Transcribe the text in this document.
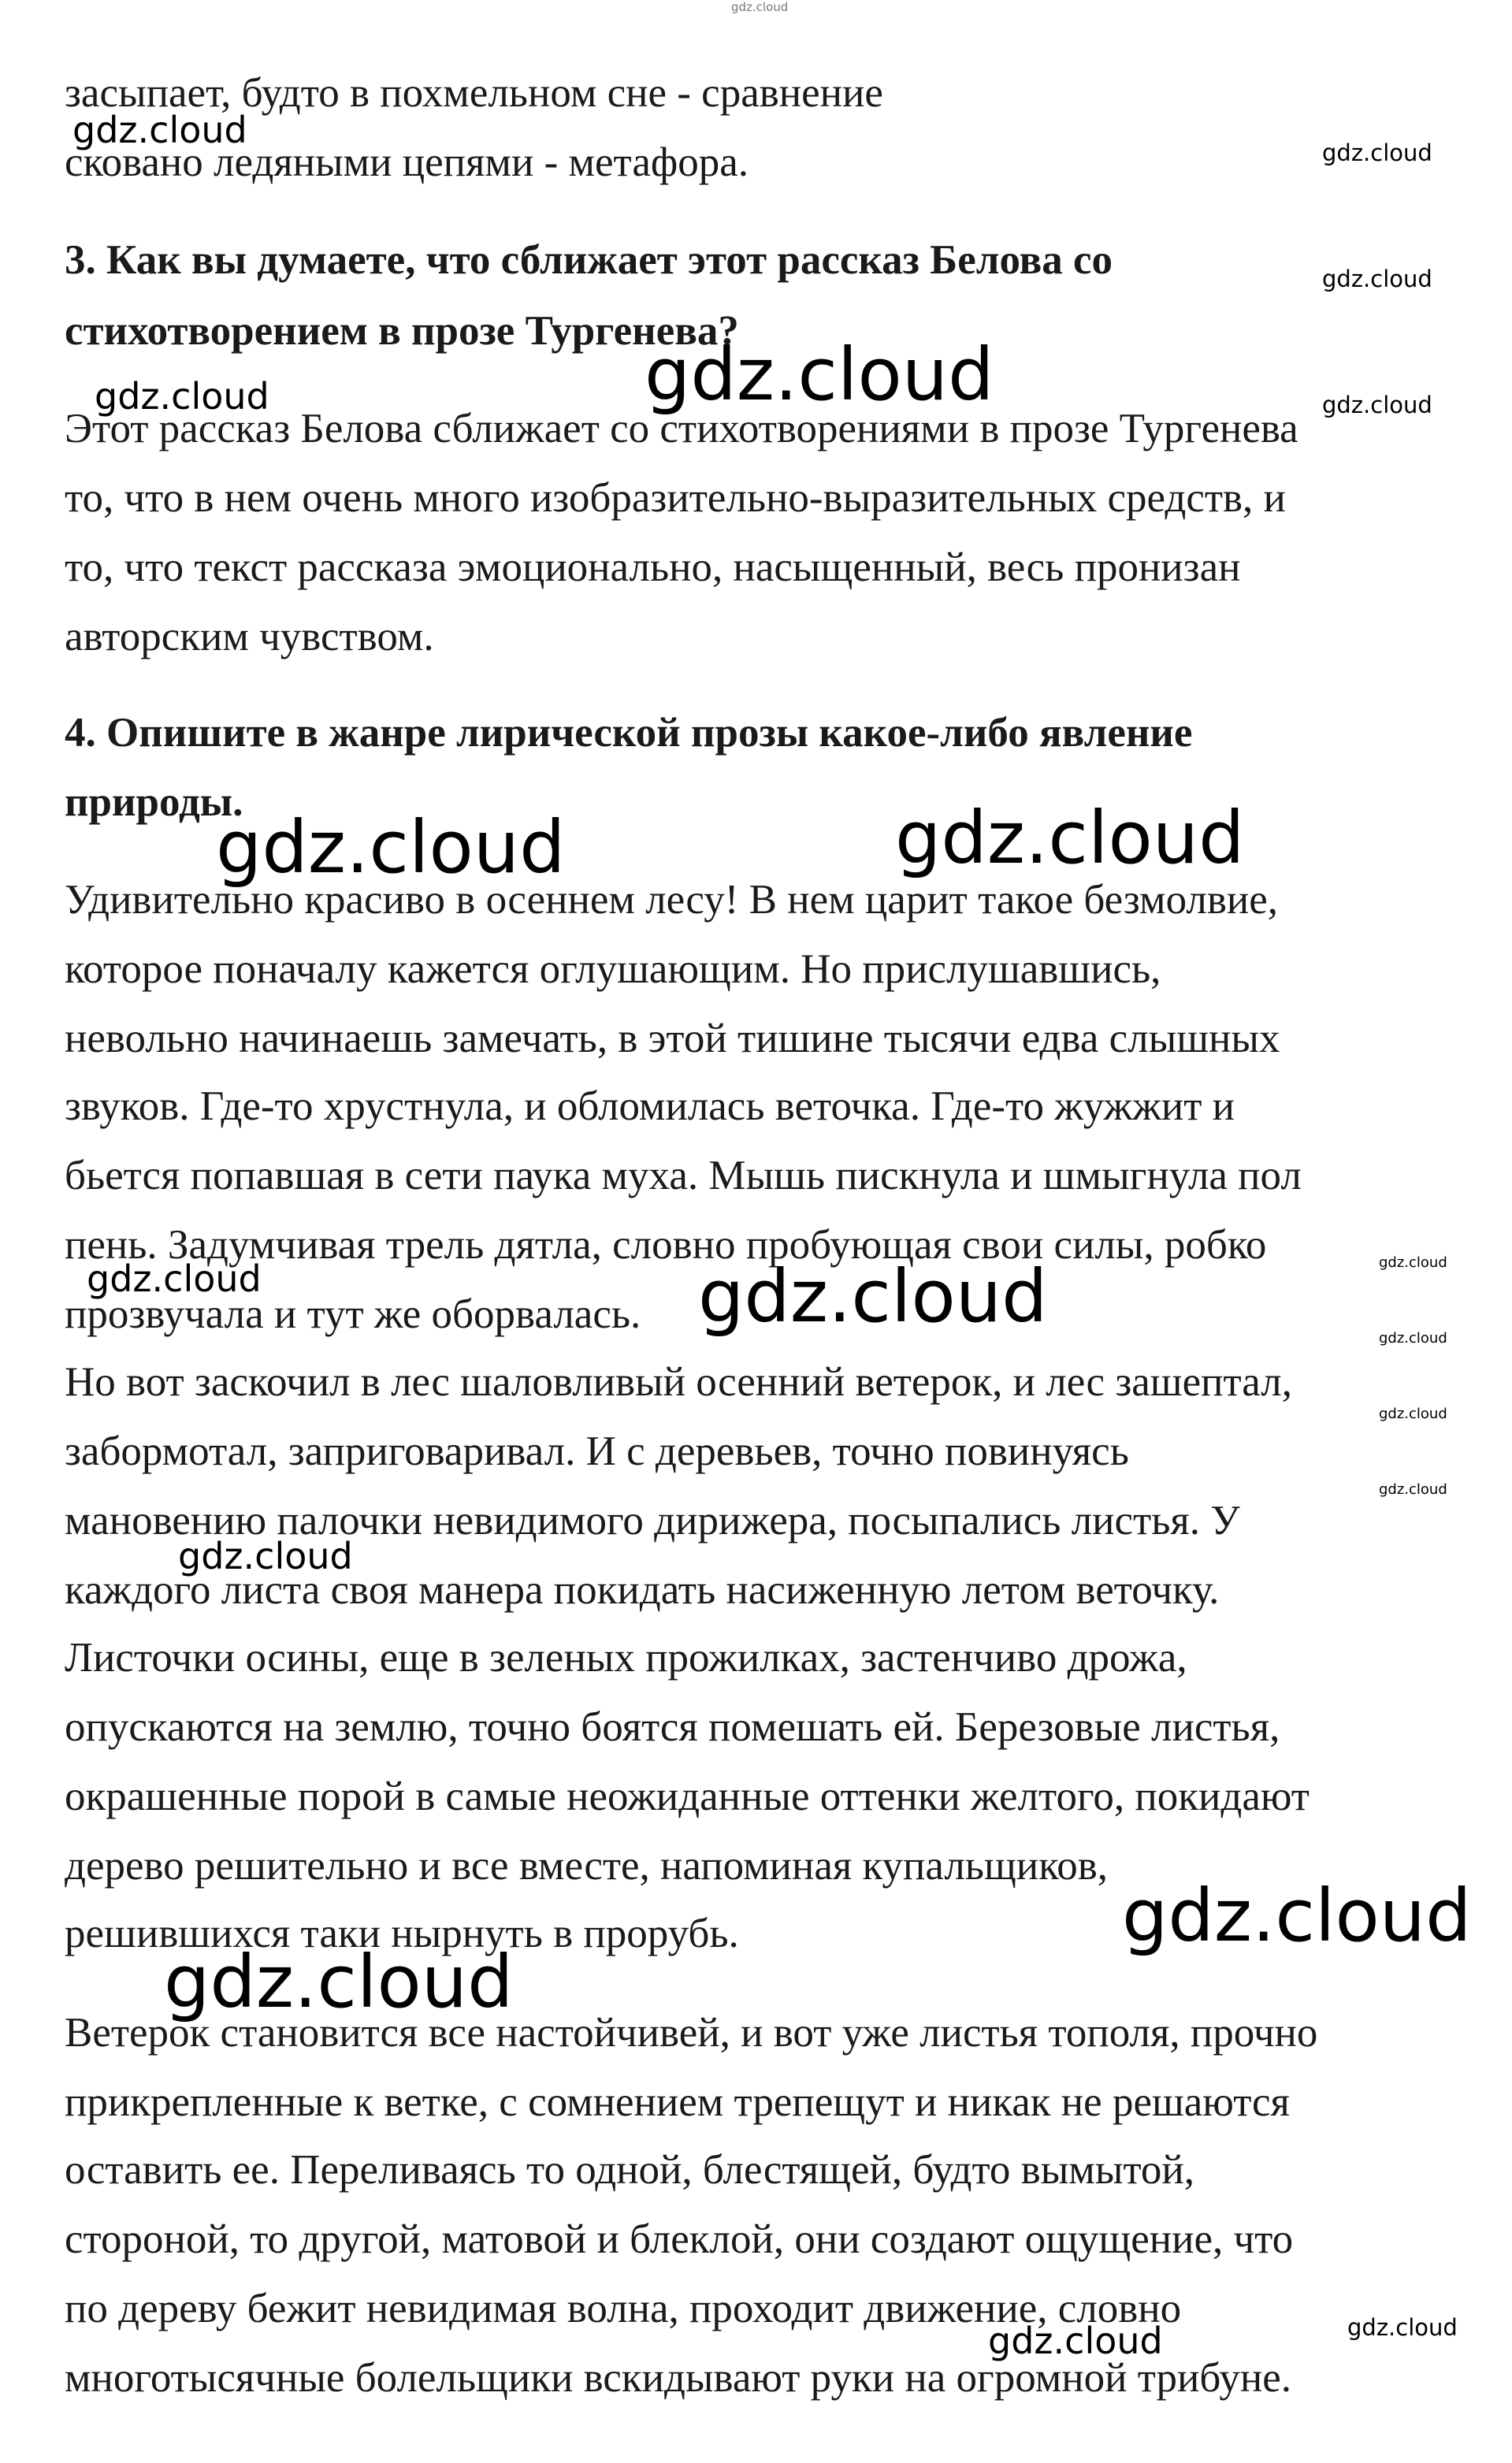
засыпает, будто в похмельном сне - сравнение

сковано ледяными цепями - метафора.

3. Как вы думаете, что сближает этот рассказ Белова со

стихотворением в прозе Тургенева?

Этот рассказ Белова сближает со стихотворениями в прозе Тургенева

то, что в нем очень много изобразительно-выразительных средств, и

то, что текст рассказа эмоционально, насыщенный, весь пронизан

авторским чувством.

4. Опишите в жанре лирической прозы какое-либо явление

природы.

Удивительно красиво в осеннем лесу! В нем царит такое безмолвие,

которое поначалу кажется оглушающим. Но прислушавшись,

невольно начинаешь замечать, в этой тишине тысячи едва слышных

звуков. Где-то хрустнула, и обломилась веточка. Где-то жужжит и

бьется попавшая в сети паука муха. Мышь пискнула и шмыгнула пол

пень. Задумчивая трель дятла, словно пробующая свои силы, робко

прозвучала и тут же оборвалась.

Но вот заскочил в лес шаловливый осенний ветерок, и лес зашептал,

забормотал, заприговаривал. И с деревьев, точно повинуясь

мановению палочки невидимого дирижера, посыпались листья. У

каждого листа своя манера покидать насиженную летом веточку.

Листочки осины, еще в зеленых прожилках, застенчиво дрожа,

опускаются на землю, точно боятся помешать ей. Березовые листья,

окрашенные порой в самые неожиданные оттенки желтого, покидают

дерево решительно и все вместе, напоминая купальщиков,

решившихся таки нырнуть в прорубь.

Ветерок становится все настойчивей, и вот уже листья тополя, прочно

прикрепленные к ветке, с сомнением трепещут и никак не решаются

оставить ее. Переливаясь то одной, блестящей, будто вымытой,

стороной, то другой, матовой и блеклой, они создают ощущение, что

по дереву бежит невидимая волна, проходит движение, словно

многотысячные болельщики вскидывают руки на огромной трибуне.

gdz.cloud
gdz.cloud
gdz.cloud
gdz.cloud
gdz.cloud
gdz.cloud	gdz.cloud
gdz.cloud	gdz.cloud
gdz.cloud
gdz.cloud	gdz.cloud	gdz.cloud
gdz.cloud
gdz.cloud
gdz.cloud
gdz.cloud
gdz.cloud
gdz.cloud
gdz.cloud
